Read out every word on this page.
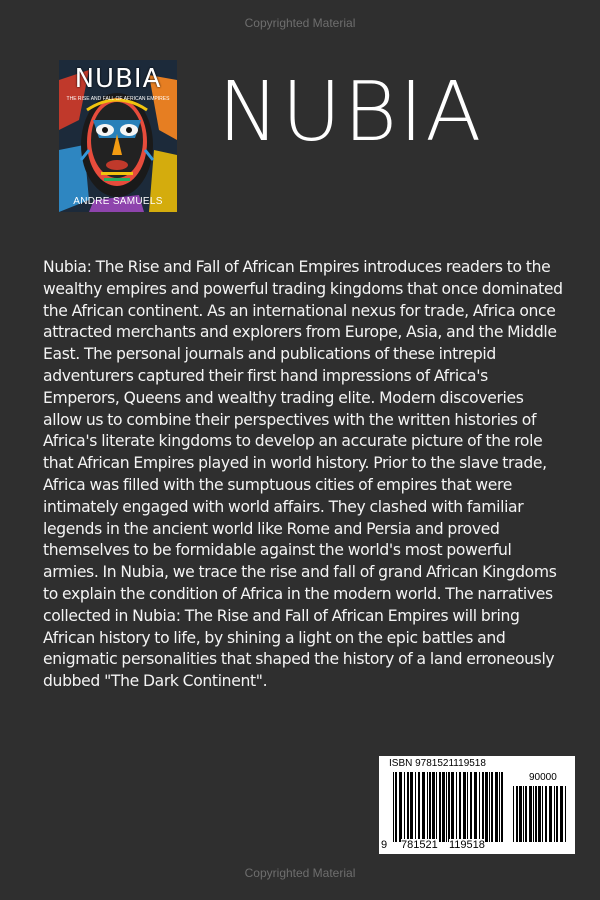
Copyrighted Material
NUBIA
THE RISE AND FALL OF AFRICAN EMPIRES
ANDRE SAMUELS
NUBIA

Nubia: The Rise and Fall of African Empires introduces readers to the wealthy empires and powerful trading kingdoms that once dominated the African continent. As an international nexus for trade, Africa once attracted merchants and explorers from Europe, Asia, and the Middle East. The personal journals and publications of these intrepid adventurers captured their first hand impressions of Africa's Emperors, Queens and wealthy trading elite. Modern discoveries allow us to combine their perspectives with the written histories of Africa's literate kingdoms to develop an accurate picture of the role that African Empires played in world history. Prior to the slave trade, Africa was filled with the sumptuous cities of empires that were intimately engaged with world affairs. They clashed with familiar legends in the ancient world like Rome and Persia and proved themselves to be formidable against the world's most powerful armies. In Nubia, we trace the rise and fall of grand African Kingdoms to explain the condition of Africa in the modern world. The narratives collected in Nubia: The Rise and Fall of African Empires will bring African history to life, by shining a light on the epic battles and enigmatic personalities that shaped the history of a land erroneously dubbed "The Dark Continent".

ISBN 9781521119518
90000
9 781521 119518
Copyrighted Material
